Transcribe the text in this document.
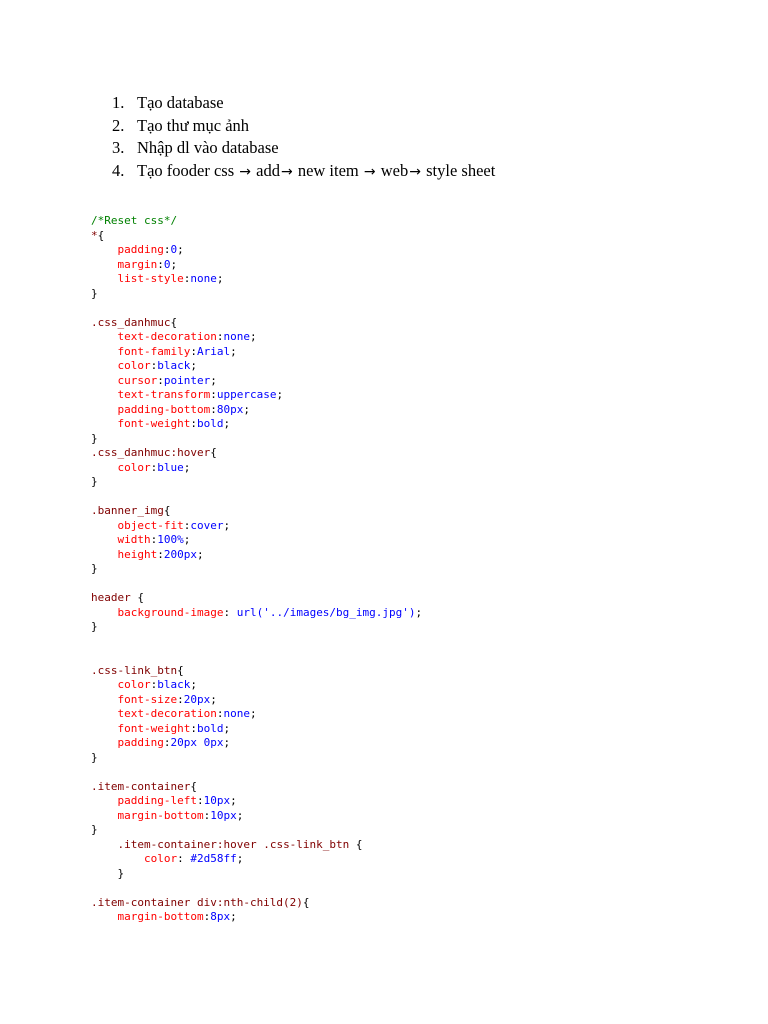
1. Tạo database
2. Tạo thư mục ảnh
3. Nhập dl vào database
4. Tạo fooder css → add→ new item → web→ style sheet
/*Reset css*/
*{
padding:0;
margin:0;
list-style:none;
}

.css_danhmuc{
text-decoration:none;
font-family:Arial;
color:black;
cursor:pointer;
text-transform:uppercase;
padding-bottom:80px;
font-weight:bold;
}
.css_danhmuc:hover{
color:blue;
}

.banner_img{
object-fit:cover;
width:100%;
height:200px;
}

header {
background-image: url('../images/bg_img.jpg');
}

.css-link_btn{
color:black;
font-size:20px;
text-decoration:none;
font-weight:bold;
padding:20px 0px;
}

.item-container{
padding-left:10px;
margin-bottom:10px;
}
.item-container:hover .css-link_btn {
color: #2d58ff;
}

.item-container div:nth-child(2){
margin-bottom:8px;
